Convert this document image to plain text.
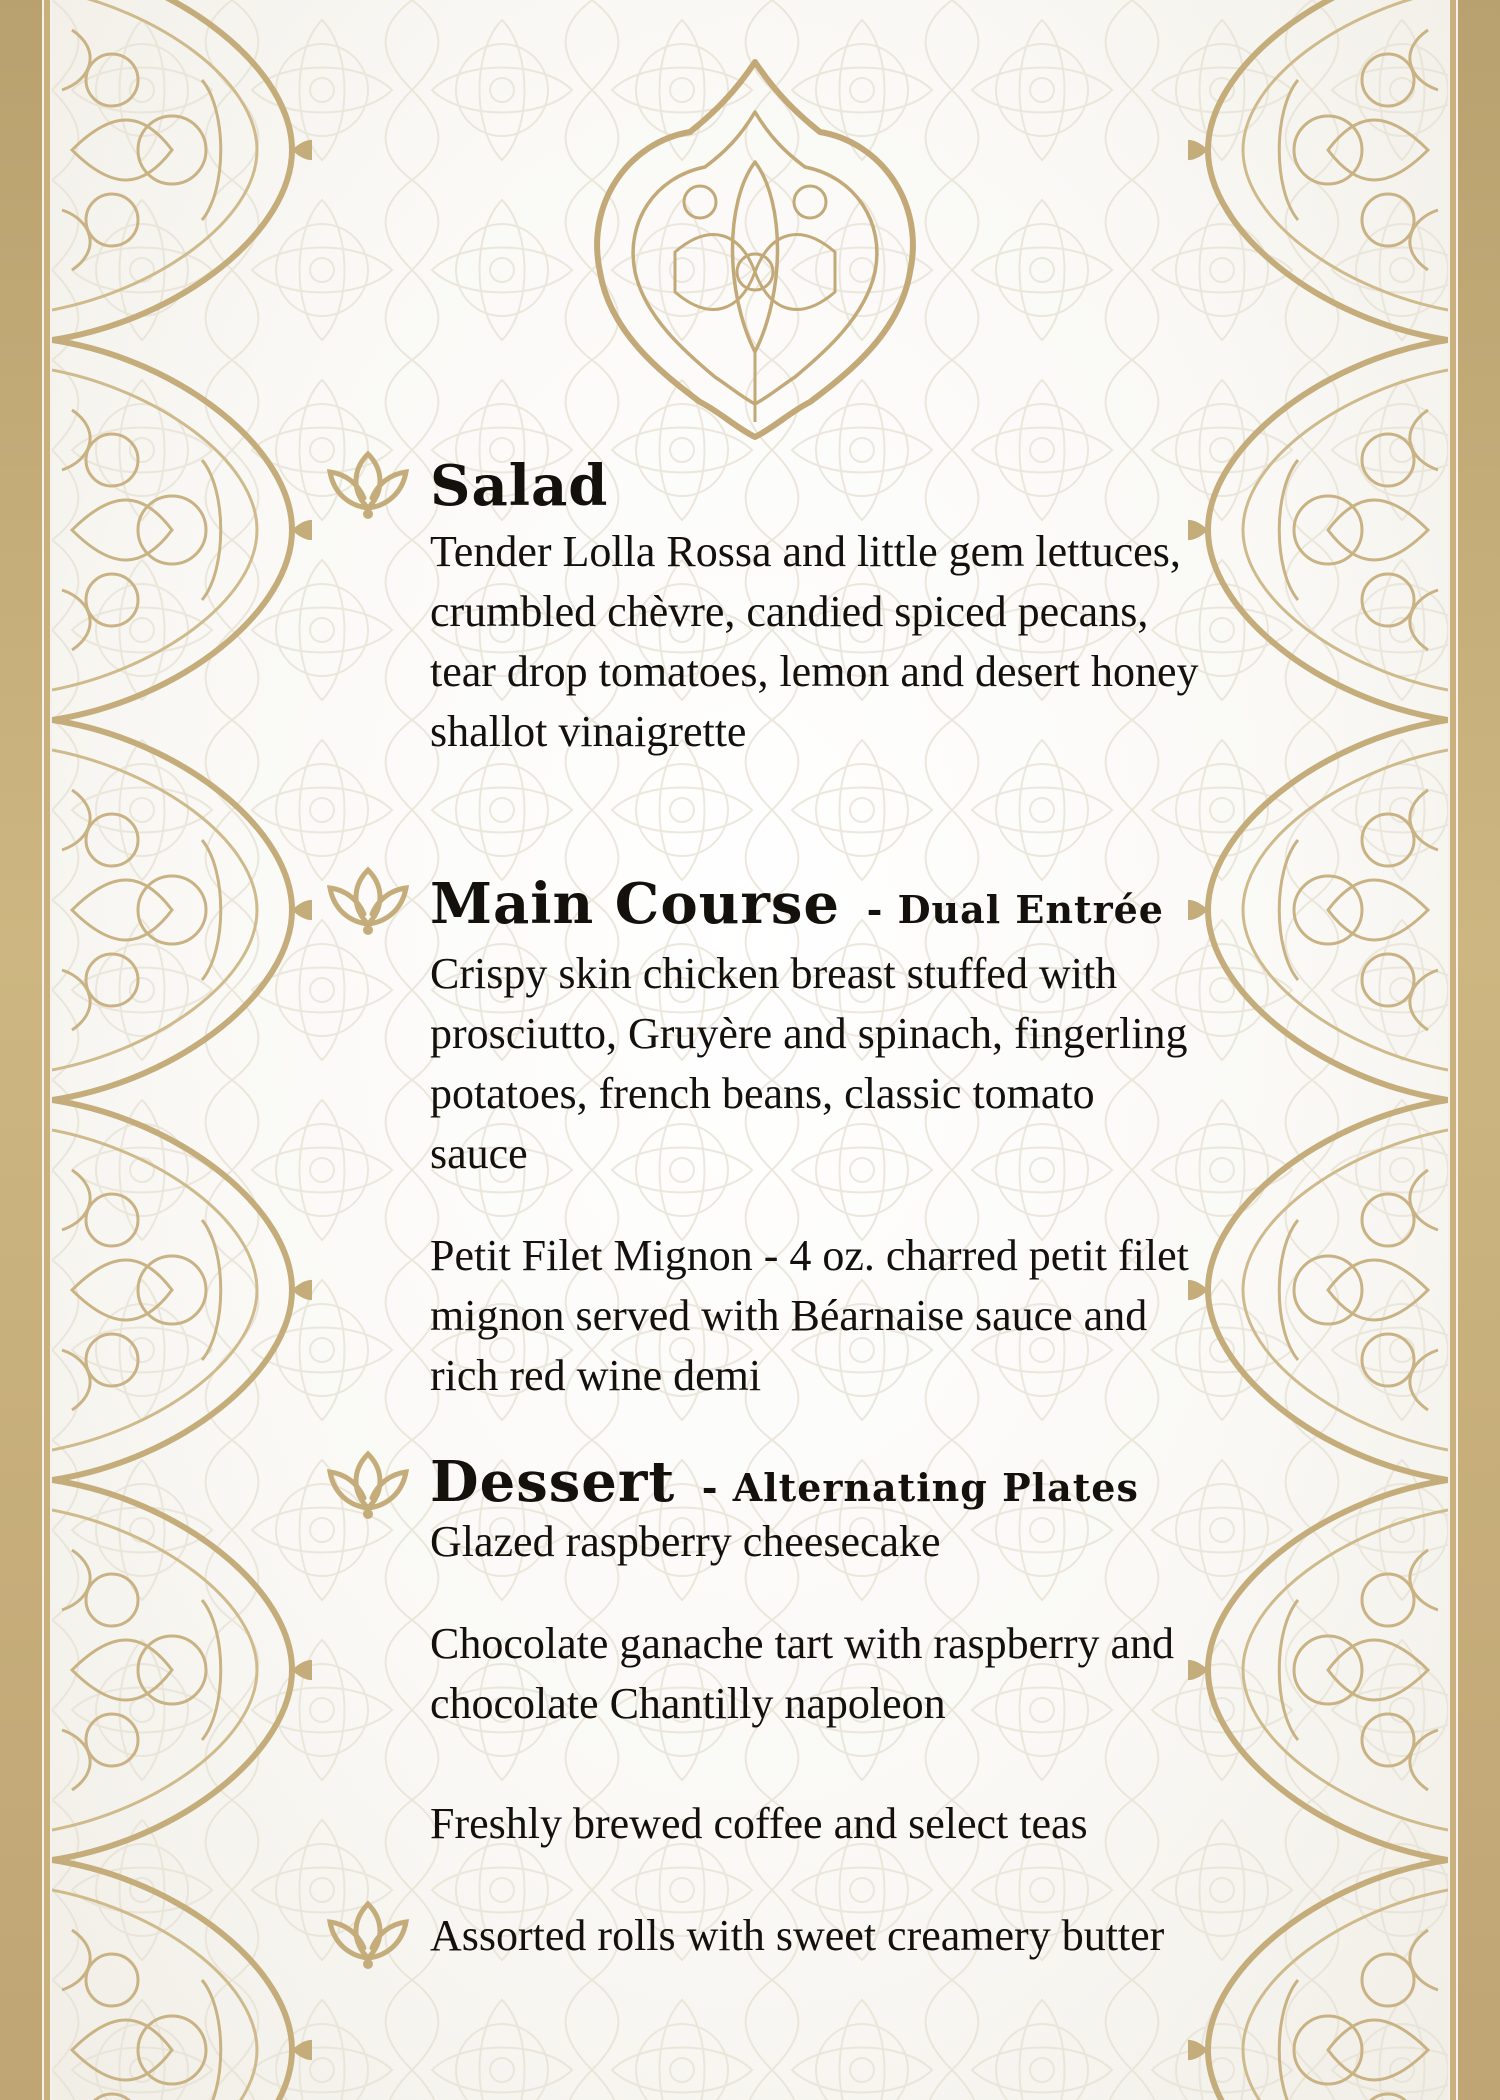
Salad

Tender Lolla Rossa and little gem lettuces, crumbled chèvre, candied spiced pecans, tear drop tomatoes, lemon and desert honey shallot vinaigrette

Main Course - Dual Entrée

Crispy skin chicken breast stuffed with prosciutto, Gruyère and spinach, fingerling potatoes, french beans, classic tomato sauce

Petit Filet Mignon - 4 oz. charred petit filet mignon served with Béarnaise sauce and rich red wine demi

Dessert - Alternating Plates

Glazed raspberry cheesecake

Chocolate ganache tart with raspberry and chocolate Chantilly napoleon

Freshly brewed coffee and select teas

Assorted rolls with sweet creamery butter
